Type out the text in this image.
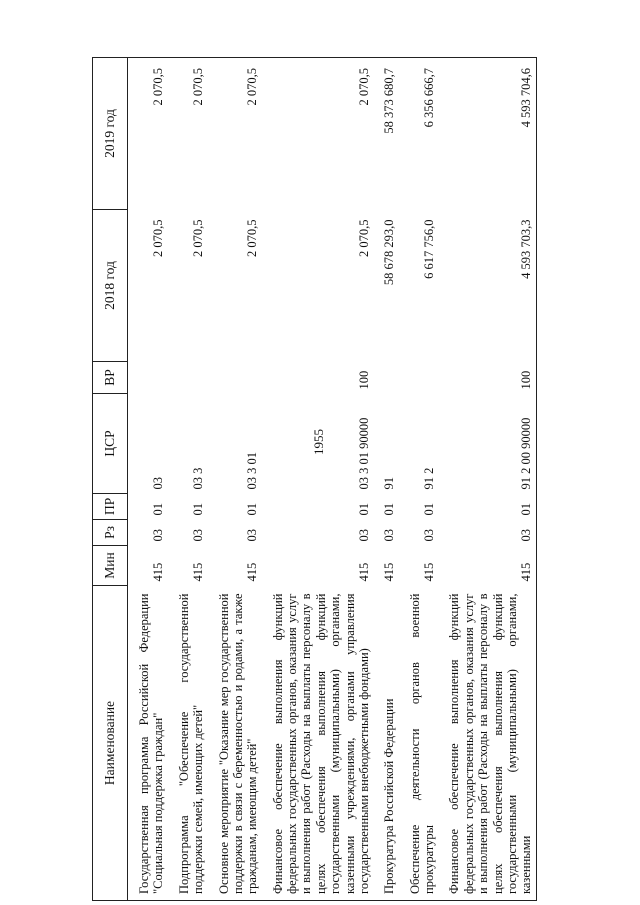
1955
Наименование	Мин	Рз	ПР	ЦСР	ВР	2018 год	2019 год
Государственная программа Российской Федерации "Социальная поддержка граждан"	415	03	01	03		2 070,5	2 070,5
Подпрограмма "Обеспечение государственной поддержки семей, имеющих детей"	415	03	01	03 3		2 070,5	2 070,5
Основное мероприятие "Оказание мер государственной поддержки в связи с беременностью и родами, а также гражданам, имеющим детей"	415	03	01	03 3 01		2 070,5	2 070,5
Финансовое обеспечение выполнения функций федеральных государственных органов, оказания услуг и выполнения работ (Расходы на выплаты персоналу в целях обеспечения выполнения функций государственными (муниципальными) органами, казенными учреждениями, органами управления государственными внебюджетными фондами)	415	03	01	03 3 01 90000	100	2 070,5	2 070,5
Прокуратура Российской Федерации	415	03	01	91		58 678 293,0	58 373 680,7
Обеспечение деятельности органов военной прокуратуры	415	03	01	91 2		6 617 756,0	6 356 666,7
Финансовое обеспечение выполнения функций федеральных государственных органов, оказания услуг и выполнения работ (Расходы на выплаты персоналу в целях обеспечения выполнения функций государственными (муниципальными) органами, казенными	415	03	01	91 2 00 90000	100	4 593 703,3	4 593 704,6
